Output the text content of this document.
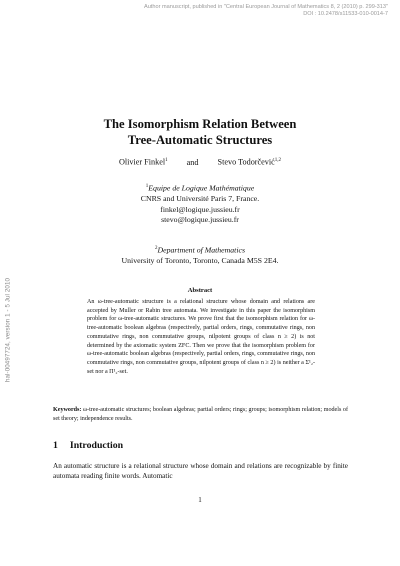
Author manuscript, published in "Central European Journal of Mathematics 8, 2 (2010) p. 299-313"
DOI : 10.2478/s11533-010-0014-7
hal-00497724, version 1 - 5 Jul 2010
The Isomorphism Relation Between
Tree-Automatic Structures
Olivier Finkel$^1$ and Stevo Todorčević$^{1,2}$
$^1$Equipe de Logique Mathématique
CNRS and Université Paris 7, France.
finkel@logique.jussieu.fr
stevo@logique.jussieu.fr
$^2$Department of Mathematics
University of Toronto, Toronto, Canada M5S 2E4.
Abstract
An ω-tree-automatic structure is a relational structure whose domain and relations are accepted by Muller or Rabin tree automata. We investigate in this paper the isomorphism problem for ω-tree-automatic structures. We prove first that the isomorphism relation for ω-tree-automatic boolean algebras (respectively, partial orders, rings, commutative rings, non commutative rings, non commutative groups, nilpotent groups of class n ≥ 2) is not determined by the axiomatic system ZFC. Then we prove that the isomorphism problem for ω-tree-automatic boolean algebras (respectively, partial orders, rings, commutative rings, non commutative rings, non commutative groups, nilpotent groups of class n ≥ 2) is neither a Σ¹₂-set nor a Π¹₂-set.
Keywords: ω-tree-automatic structures; boolean algebras; partial orders; rings; groups; isomorphism relation; models of set theory; independence results.
1 Introduction
An automatic structure is a relational structure whose domain and relations are recognizable by finite automata reading finite words. Automatic
1
